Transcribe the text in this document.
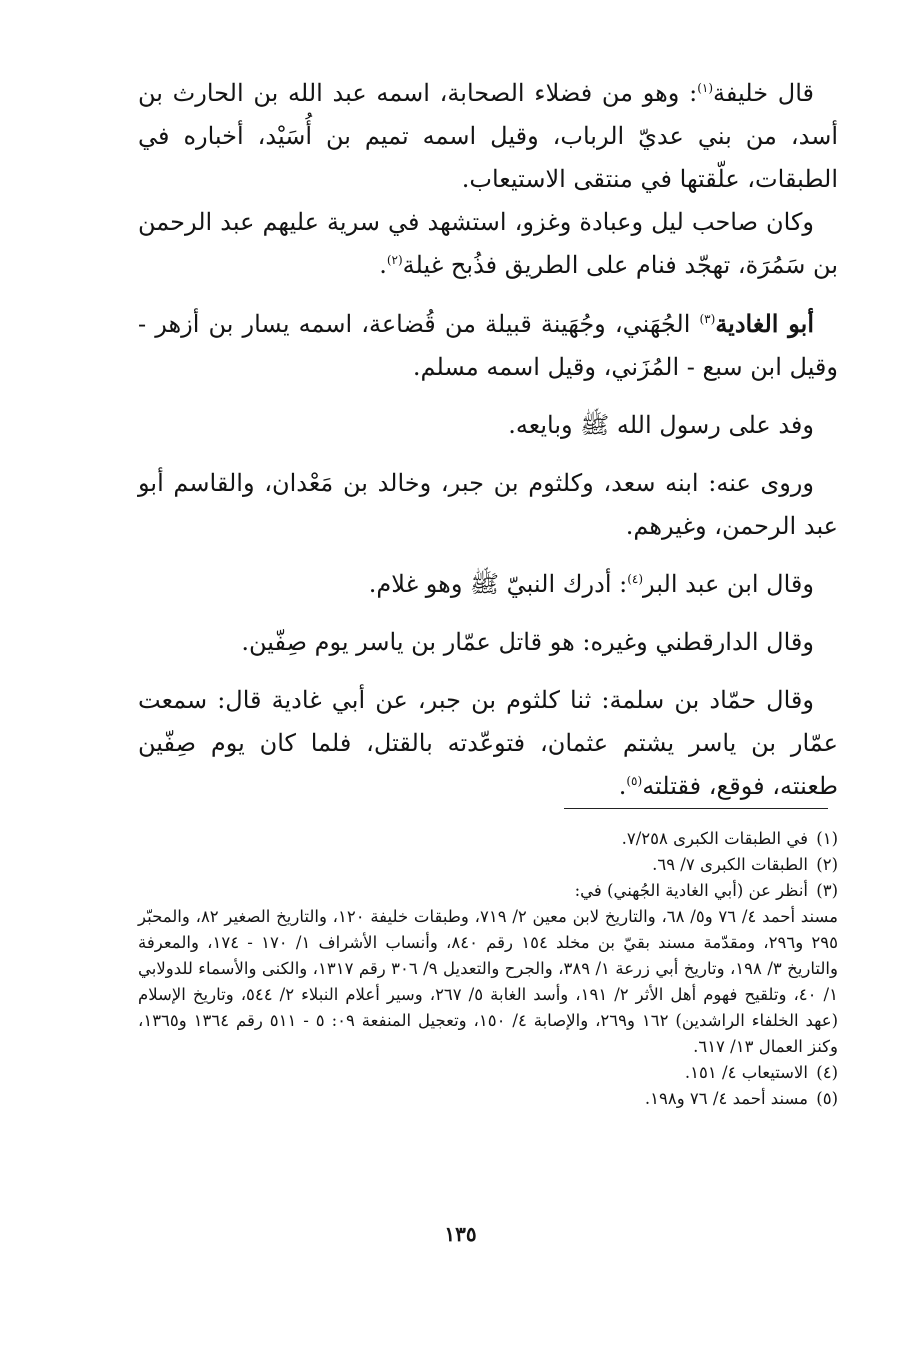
قال خليفة$^{(١)}$: وهو من فضلاء الصحابة، اسمه عبد الله بن الحارث بن أسد، من بني عديّ الرباب، وقيل اسمه تميم بن أُسَيْد، أخباره في الطبقات، علّقتها في منتقى الاستيعاب.

وكان صاحب ليل وعبادة وغزو، استشهد في سرية عليهم عبد الرحمن بن سَمُرَة، تهجّد فنام على الطريق فذُبح غيلة$^{(٢)}$.

أبو الغادية$^{(٣)}$ الجُهَني، وجُهَينة قبيلة من قُضاعة، اسمه يسار بن أزهر - وقيل ابن سبع - المُزَني، وقيل اسمه مسلم.

وفد على رسول الله ﷺ وبايعه.

وروى عنه: ابنه سعد، وكلثوم بن جبر، وخالد بن مَعْدان، والقاسم أبو عبد الرحمن، وغيرهم.

وقال ابن عبد البر$^{(٤)}$: أدرك النبيّ ﷺ وهو غلام.

وقال الدارقطني وغيره: هو قاتل عمّار بن ياسر يوم صِفّين.

وقال حمّاد بن سلمة: ثنا كلثوم بن جبر، عن أبي غادية قال: سمعت عمّار بن ياسر يشتم عثمان، فتوعّدته بالقتل، فلما كان يوم صِفّين طعنته، فوقع، فقتلته$^{(٥)}$.

(١)في الطبقات الكبرى ٧/٢٥٨.
(٢)الطبقات الكبرى ٧/ ٦٩.
(٣)أنظر عن (أبي الغادية الجُهني) في:
مسند أحمد ٤/ ٧٦ و٥/ ٦٨، والتاريخ لابن معين ٢/ ٧١٩، وطبقات خليفة ١٢٠، والتاريخ الصغير ٨٢، والمحبّر ٢٩٥ و٢٩٦، ومقدّمة مسند بقيّ بن مخلد ١٥٤ رقم ٨٤٠، وأنساب الأشراف ١/ ١٧٠ - ١٧٤، والمعرفة والتاريخ ٣/ ١٩٨، وتاريخ أبي زرعة ١/ ٣٨٩، والجرح والتعديل ٩/ ٣٠٦ رقم ١٣١٧، والكنى والأسماء للدولابي ١/ ٤٠، وتلقيح فهوم أهل الأثر ٢/ ١٩١، وأسد الغابة ٥/ ٢٦٧، وسير أعلام النبلاء ٢/ ٥٤٤، وتاريخ الإسلام (عهد الخلفاء الراشدين) ١٦٢ و٢٦٩، والإصابة ٤/ ١٥٠، وتعجيل المنفعة ٠٩: ٥ - ٥١١ رقم ١٣٦٤ و١٣٦٥، وكنز العمال ١٣/ ٦١٧.
(٤)الاستيعاب ٤/ ١٥١.
(٥)مسند أحمد ٤/ ٧٦ و١٩٨.
١٣٥
